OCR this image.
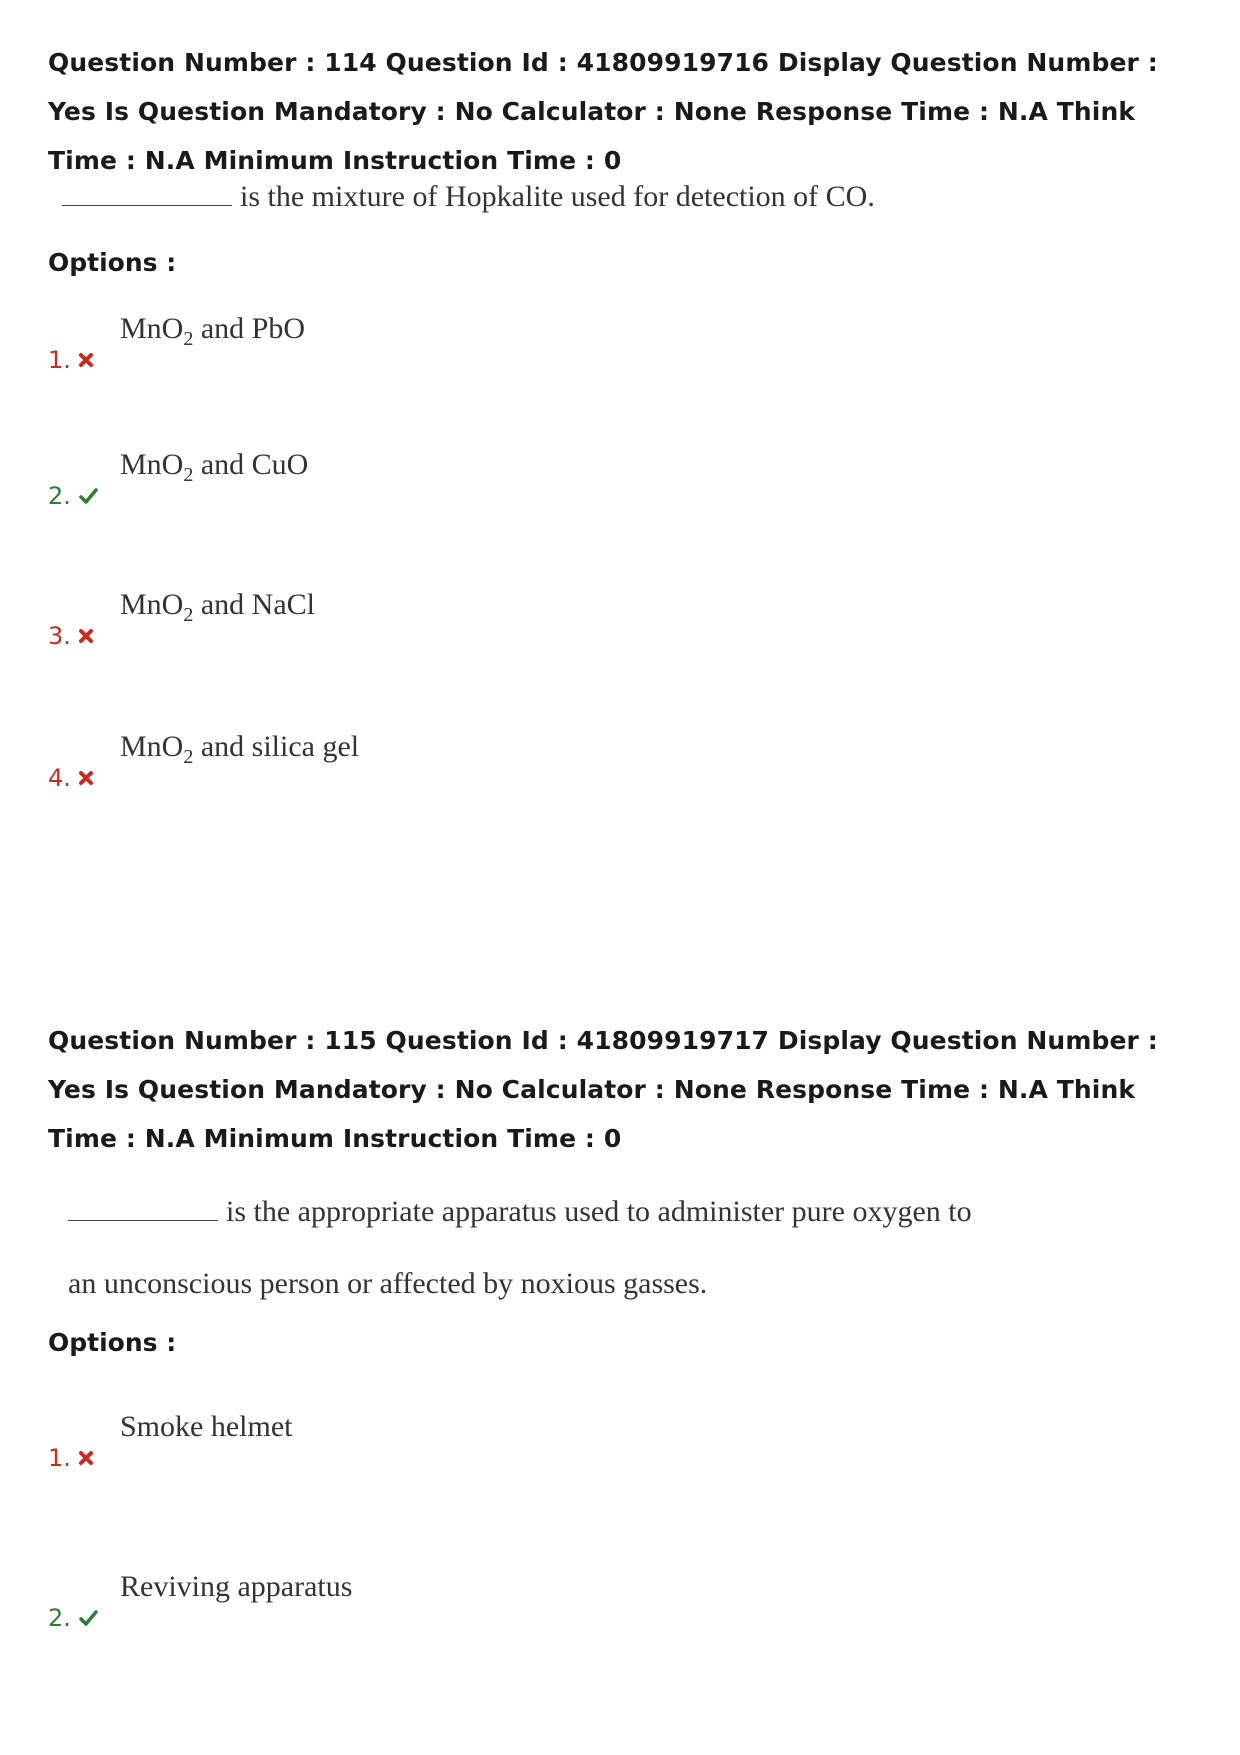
Question Number : 114 Question Id : 41809919716 Display Question Number : Yes Is Question Mandatory : No Calculator : None Response Time : N.A Think Time : N.A Minimum Instruction Time : 0
is the mixture of Hopkalite used for detection of CO.
Options :
MnO$_2$ and PbO
1.
MnO$_2$ and CuO
2.
MnO$_2$ and NaCl
3.
MnO$_2$ and silica gel
4.
Question Number : 115 Question Id : 41809919717 Display Question Number : Yes Is Question Mandatory : No Calculator : None Response Time : N.A Think Time : N.A Minimum Instruction Time : 0
is the appropriate apparatus used to administer pure oxygen to
an unconscious person or affected by noxious gasses.
Options :
Smoke helmet
1.
Reviving apparatus
2.
